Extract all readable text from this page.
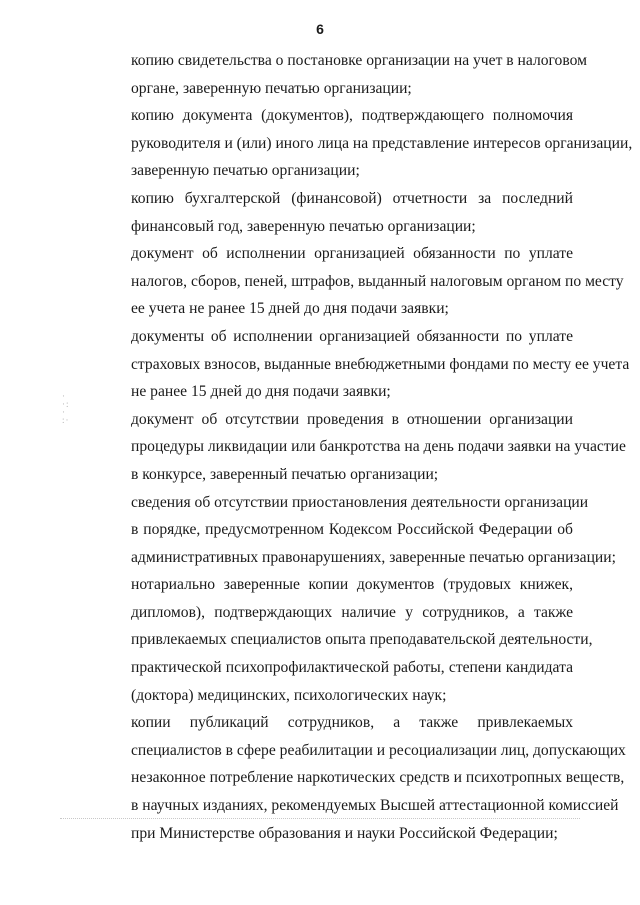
6
·
·:
·
:·
копию свидетельства о постановке организации на учет в налоговом
органе, заверенную печатью организации;
копию документа (документов), подтверждающего полномочия
руководителя и (или) иного лица на представление интересов организации,
заверенную печатью организации;
копию бухгалтерской (финансовой) отчетности за последний
финансовый год, заверенную печатью организации;
документ об исполнении организацией обязанности по уплате
налогов, сборов, пеней, штрафов, выданный налоговым органом по месту
ее учета не ранее 15 дней до дня подачи заявки;
документы об исполнении организацией обязанности по уплате
страховых взносов, выданные внебюджетными фондами по месту ее учета
не ранее 15 дней до дня подачи заявки;
документ об отсутствии проведения в отношении организации
процедуры ликвидации или банкротства на день подачи заявки на участие
в конкурсе, заверенный печатью организации;
сведения об отсутствии приостановления деятельности организации
в порядке, предусмотренном Кодексом Российской Федерации об
административных правонарушениях, заверенные печатью организации;
нотариально заверенные копии документов (трудовых книжек,
дипломов), подтверждающих наличие у сотрудников, а также
привлекаемых специалистов опыта преподавательской деятельности,
практической психопрофилактической работы, степени кандидата
(доктора) медицинских, психологических наук;
копии публикаций сотрудников, а также привлекаемых
специалистов в сфере реабилитации и ресоциализации лиц, допускающих
незаконное потребление наркотических средств и психотропных веществ,
в научных изданиях, рекомендуемых Высшей аттестационной комиссией
при Министерстве образования и науки Российской Федерации;
